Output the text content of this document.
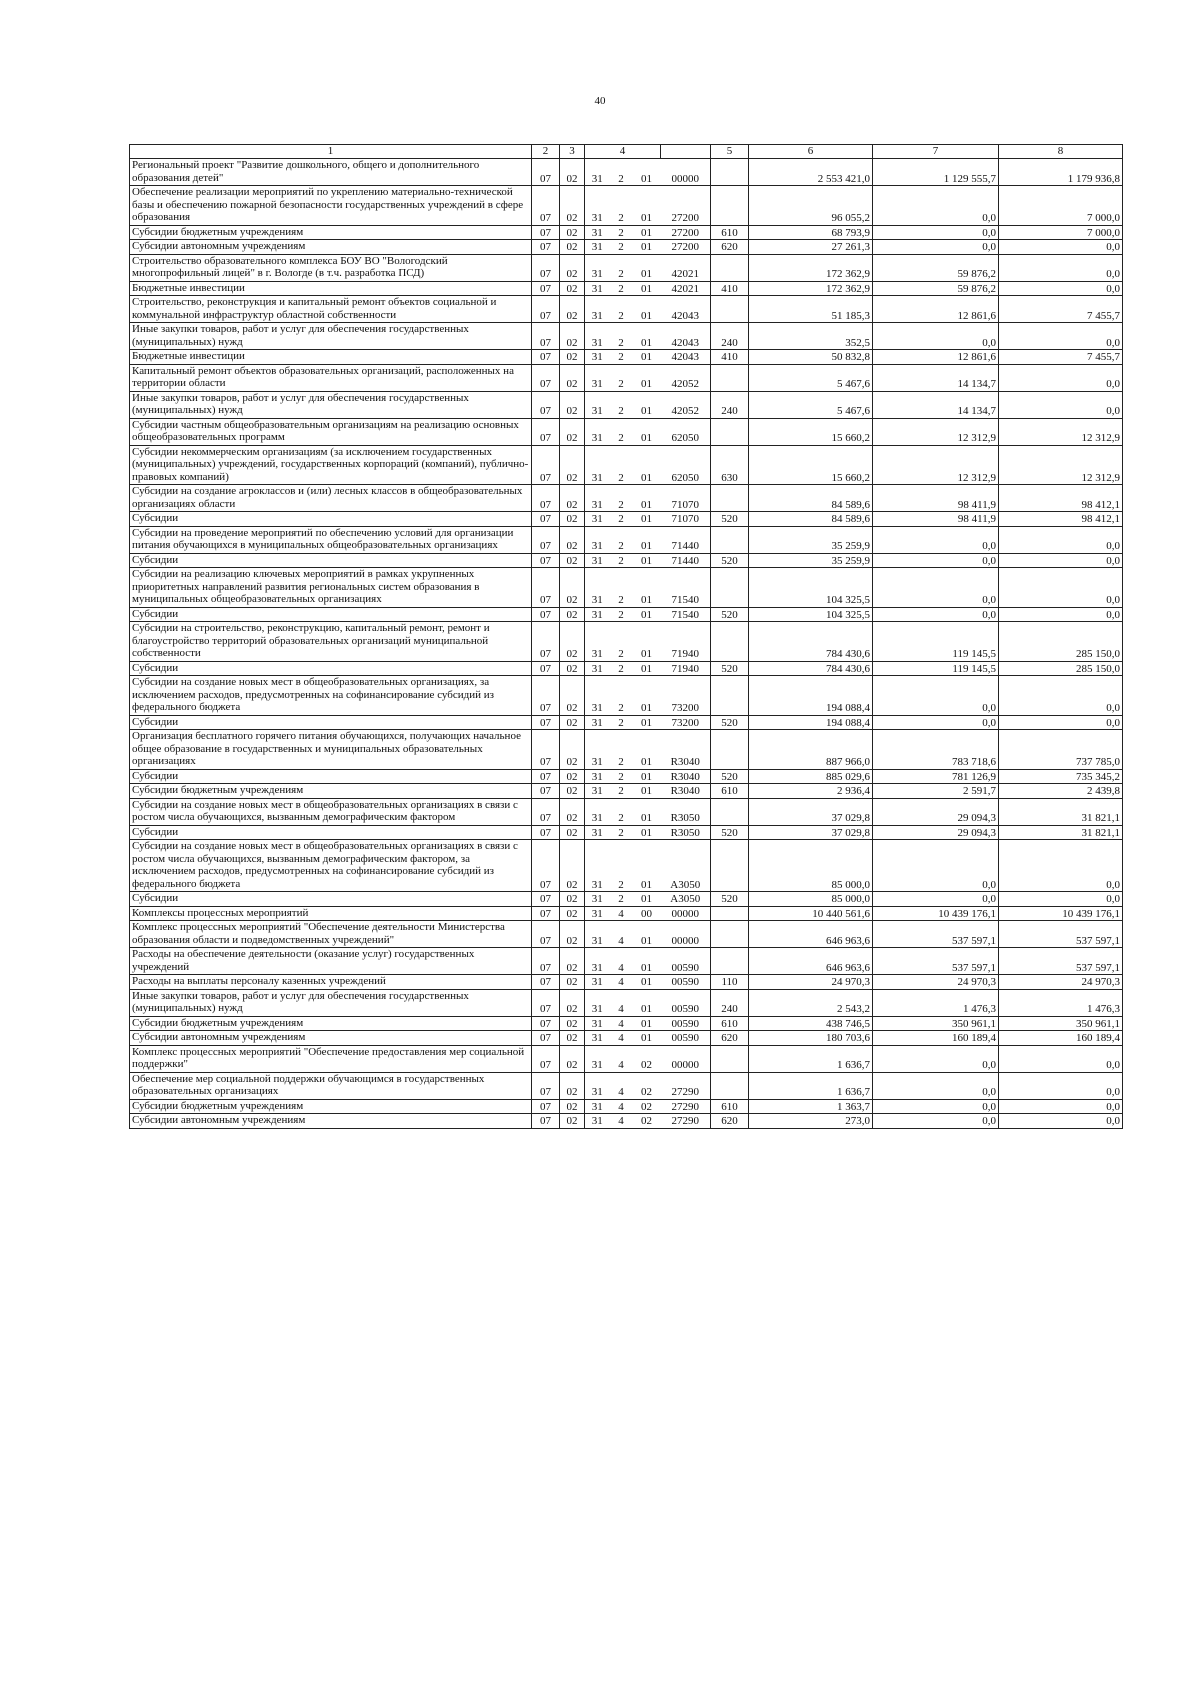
40
1	2	3	4				5	6	7	8
Региональный проект "Развитие дошкольного, общего и дополнительного образования детей"	07	02	31	2	01	00000		2 553 421,0	1 129 555,7	1 179 936,8
Обеспечение реализации мероприятий по укреплению материально-технической базы и обеспечению пожарной безопасности государственных учреждений в сфере образования	07	02	31	2	01	27200		96 055,2	0,0	7 000,0
Субсидии бюджетным учреждениям	07	02	31	2	01	27200	610	68 793,9	0,0	7 000,0
Субсидии автономным учреждениям	07	02	31	2	01	27200	620	27 261,3	0,0	0,0
Строительство образовательного комплекса БОУ ВО "Вологодский многопрофильный лицей" в г. Вологде (в т.ч. разработка ПСД)	07	02	31	2	01	42021		172 362,9	59 876,2	0,0
Бюджетные инвестиции	07	02	31	2	01	42021	410	172 362,9	59 876,2	0,0
Строительство, реконструкция и капитальный ремонт объектов социальной и коммунальной инфраструктур областной собственности	07	02	31	2	01	42043		51 185,3	12 861,6	7 455,7
Иные закупки товаров, работ и услуг для обеспечения государственных (муниципальных) нужд	07	02	31	2	01	42043	240	352,5	0,0	0,0
Бюджетные инвестиции	07	02	31	2	01	42043	410	50 832,8	12 861,6	7 455,7
Капитальный ремонт объектов образовательных организаций, расположенных на территории области	07	02	31	2	01	42052		5 467,6	14 134,7	0,0
Иные закупки товаров, работ и услуг для обеспечения государственных (муниципальных) нужд	07	02	31	2	01	42052	240	5 467,6	14 134,7	0,0
Субсидии частным общеобразовательным организациям на реализацию основных общеобразовательных программ	07	02	31	2	01	62050		15 660,2	12 312,9	12 312,9
Субсидии некоммерческим организациям (за исключением государственных (муниципальных) учреждений, государственных корпораций (компаний), публично-правовых компаний)	07	02	31	2	01	62050	630	15 660,2	12 312,9	12 312,9
Субсидии на создание агроклассов и (или) лесных классов в общеобразовательных организациях области	07	02	31	2	01	71070		84 589,6	98 411,9	98 412,1
Субсидии	07	02	31	2	01	71070	520	84 589,6	98 411,9	98 412,1
Субсидии на проведение мероприятий по обеспечению условий для организации питания обучающихся в муниципальных общеобразовательных организациях	07	02	31	2	01	71440		35 259,9	0,0	0,0
Субсидии	07	02	31	2	01	71440	520	35 259,9	0,0	0,0
Субсидии на реализацию ключевых мероприятий в рамках укрупненных приоритетных направлений развития региональных систем образования в муниципальных общеобразовательных организациях	07	02	31	2	01	71540		104 325,5	0,0	0,0
Субсидии	07	02	31	2	01	71540	520	104 325,5	0,0	0,0
Субсидии на строительство, реконструкцию, капитальный ремонт, ремонт и благоустройство территорий образовательных организаций муниципальной собственности	07	02	31	2	01	71940		784 430,6	119 145,5	285 150,0
Субсидии	07	02	31	2	01	71940	520	784 430,6	119 145,5	285 150,0
Субсидии на создание новых мест в общеобразовательных организациях, за исключением расходов, предусмотренных на софинансирование субсидий из федерального бюджета	07	02	31	2	01	73200		194 088,4	0,0	0,0
Субсидии	07	02	31	2	01	73200	520	194 088,4	0,0	0,0
Организация бесплатного горячего питания обучающихся, получающих начальное общее образование в государственных и муниципальных образовательных организациях	07	02	31	2	01	R3040		887 966,0	783 718,6	737 785,0
Субсидии	07	02	31	2	01	R3040	520	885 029,6	781 126,9	735 345,2
Субсидии бюджетным учреждениям	07	02	31	2	01	R3040	610	2 936,4	2 591,7	2 439,8
Субсидии на создание новых мест в общеобразовательных организациях в связи с ростом числа обучающихся, вызванным демографическим фактором	07	02	31	2	01	R3050		37 029,8	29 094,3	31 821,1
Субсидии	07	02	31	2	01	R3050	520	37 029,8	29 094,3	31 821,1
Субсидии на создание новых мест в общеобразовательных организациях в связи с ростом числа обучающихся, вызванным демографическим фактором, за исключением расходов, предусмотренных на софинансирование субсидий из федерального бюджета	07	02	31	2	01	A3050		85 000,0	0,0	0,0
Субсидии	07	02	31	2	01	A3050	520	85 000,0	0,0	0,0
Комплексы процессных мероприятий	07	02	31	4	00	00000		10 440 561,6	10 439 176,1	10 439 176,1
Комплекс процессных мероприятий "Обеспечение деятельности Министерства образования области и подведомственных учреждений"	07	02	31	4	01	00000		646 963,6	537 597,1	537 597,1
Расходы на обеспечение деятельности (оказание услуг) государственных учреждений	07	02	31	4	01	00590		646 963,6	537 597,1	537 597,1
Расходы на выплаты персоналу казенных учреждений	07	02	31	4	01	00590	110	24 970,3	24 970,3	24 970,3
Иные закупки товаров, работ и услуг для обеспечения государственных (муниципальных) нужд	07	02	31	4	01	00590	240	2 543,2	1 476,3	1 476,3
Субсидии бюджетным учреждениям	07	02	31	4	01	00590	610	438 746,5	350 961,1	350 961,1
Субсидии автономным учреждениям	07	02	31	4	01	00590	620	180 703,6	160 189,4	160 189,4
Комплекс процессных мероприятий "Обеспечение предоставления мер социальной поддержки"	07	02	31	4	02	00000		1 636,7	0,0	0,0
Обеспечение мер социальной поддержки обучающимся в государственных образовательных организациях	07	02	31	4	02	27290		1 636,7	0,0	0,0
Субсидии бюджетным учреждениям	07	02	31	4	02	27290	610	1 363,7	0,0	0,0
Субсидии автономным учреждениям	07	02	31	4	02	27290	620	273,0	0,0	0,0
